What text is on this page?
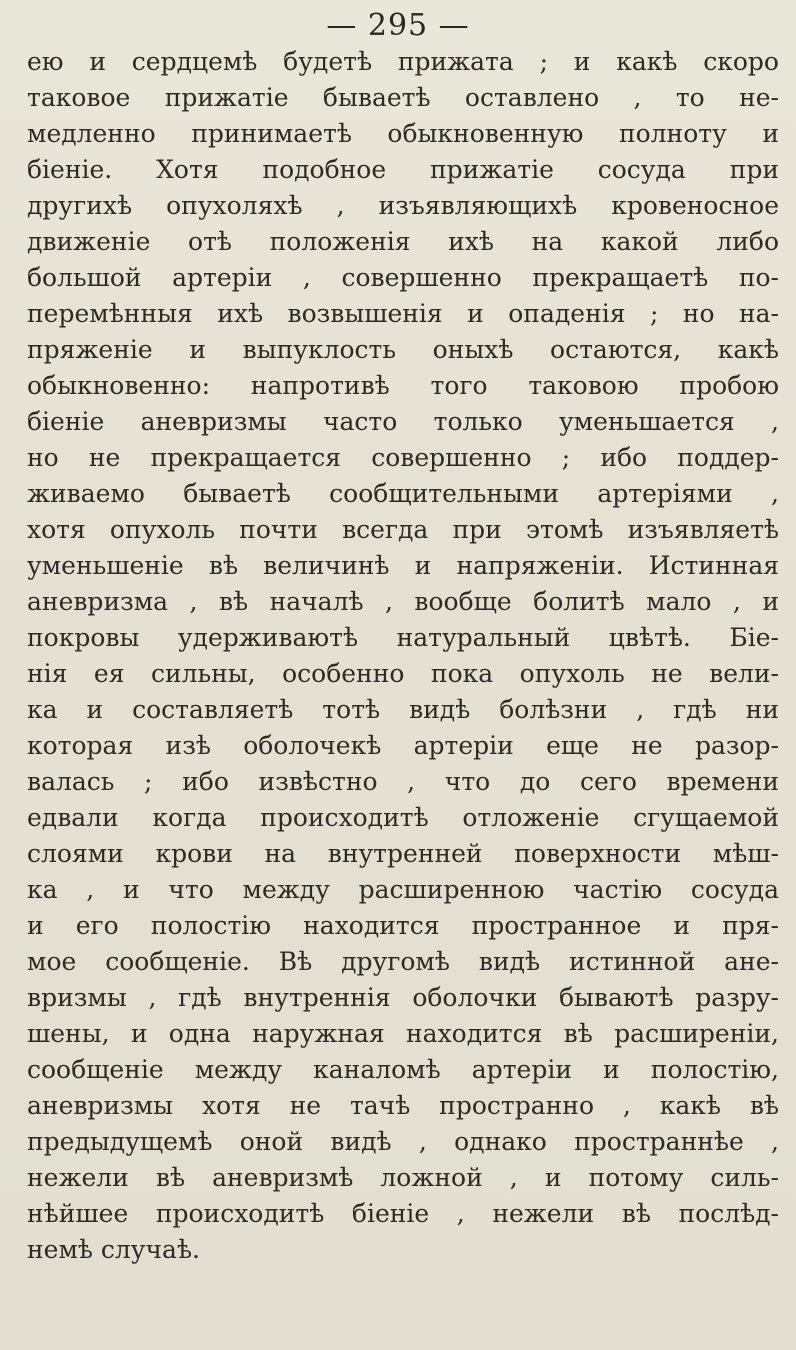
— 295 —
ею и сердцемѣ будетѣ прижата ; и какѣ скоро
таковое прижатіе бываетѣ оставлено , то не-
медленно принимаетѣ обыкновенную полноту и
біеніе. Хотя подобное прижатіе сосуда при
другихѣ опухоляхѣ , изъявляющихѣ кровеносное
движеніе отѣ положенія ихѣ на какой либо
большой артеріи , совершенно прекращаетѣ по-
перемѣнныя ихѣ возвышенія и опаденія ; но на-
пряженіе и выпуклость оныхѣ остаются, какѣ
обыкновенно: напротивѣ того таковою пробою
біеніе аневризмы часто только уменьшается ,
но не прекращается совершенно ; ибо поддер-
живаемо бываетѣ сообщительными артеріями ,
хотя опухоль почти всегда при этомѣ изъявляетѣ
уменьшеніе вѣ величинѣ и напряженіи. Истинная
аневризма , вѣ началѣ , вообще болитѣ мало , и
покровы удерживаютѣ натуральный цвѣтѣ. Біе-
нія ея сильны, особенно пока опухоль не вели-
ка и составляетѣ тотѣ видѣ болѣзни , гдѣ ни
которая изѣ оболочекѣ артеріи еще не разор-
валась ; ибо извѣстно , что до сего времени
едвали когда происходитѣ отложеніе сгущаемой
слоями крови на внутренней поверхности мѣш-
ка , и что между расширенною частію сосуда
и его полостію находится пространное и пря-
мое сообщеніе. Вѣ другомѣ видѣ истинной ане-
вризмы , гдѣ внутреннія оболочки бываютѣ разру-
шены, и одна наружная находится вѣ расширеніи,
сообщеніе между каналомѣ артеріи и полостію,
аневризмы хотя не тачѣ пространно , какѣ вѣ
предыдущемѣ оной видѣ , однако пространнѣе ,
нежели вѣ аневризмѣ ложной , и потому силь-
нѣйшее происходитѣ біеніе , нежели вѣ послѣд-
немѣ случаѣ.
